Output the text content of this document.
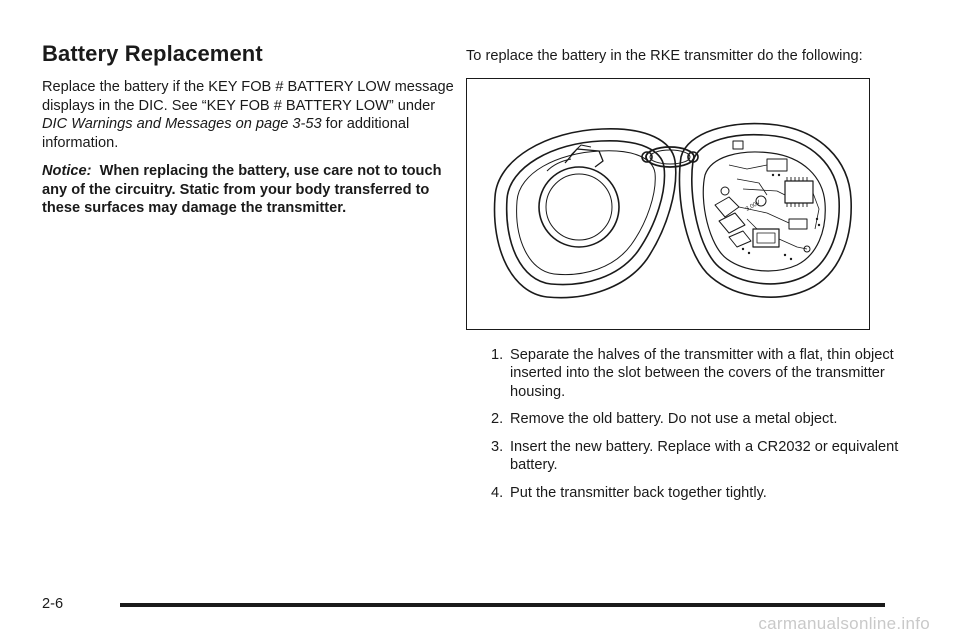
Battery Replacement

Replace the battery if the KEY FOB # BATTERY LOW message displays in the DIC. See “KEY FOB # BATTERY LOW” under DIC Warnings and Messages on page 3-53 for additional information.

Notice: When replacing the battery, use care not to touch any of the circuitry. Static from your body transferred to these surfaces may damage the transmitter.

To replace the battery in the RKE transmitter do the following:

3.00V
1. Separate the halves of the transmitter with a flat, thin object inserted into the slot between the covers of the transmitter housing.
2. Remove the old battery. Do not use a metal object.
3. Insert the new battery. Replace with a CR2032 or equivalent battery.
4. Put the transmitter back together tightly.
2-6
carmanualsonline.info
